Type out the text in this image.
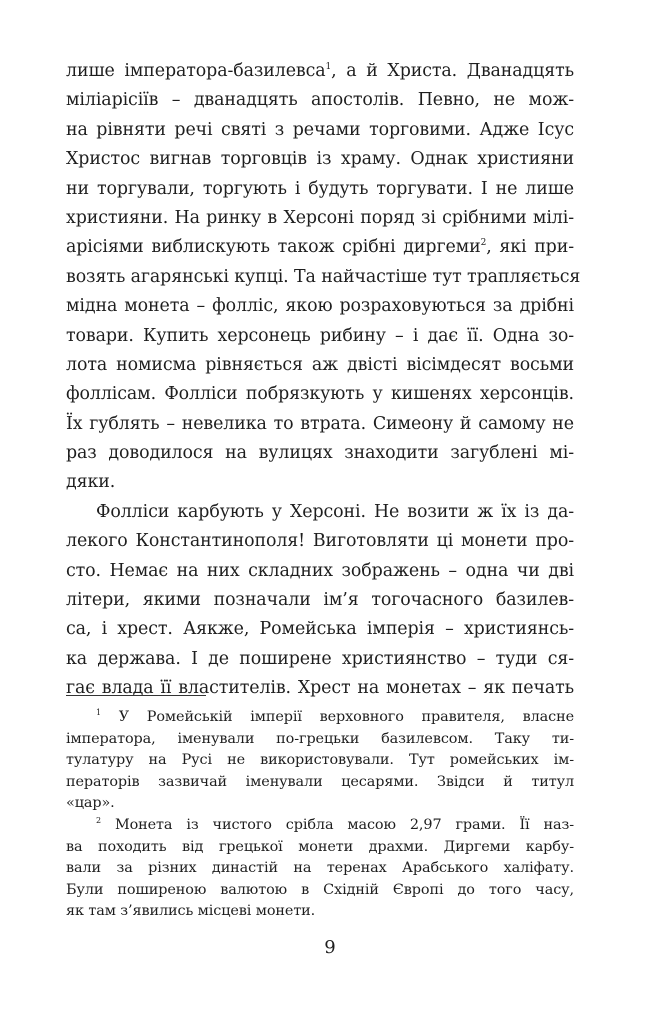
лише імператора-базилевса$^1$, а й Христа. Дванадцять
міліарісіїв – дванадцять апостолів. Певно, не мож-
на рівняти речі святі з речами торговими. Адже Ісус
Христос вигнав торговців із храму. Однак християни
ни торгували, торгують і будуть торгувати. І не лише
християни. На ринку в Херсоні поряд зі срібними мілі-
арісіями виблискують також срібні диргеми$^2$, які при-
возять агарянські купці. Та найчастіше тут трапляється
мідна монета – фолліс, якою розраховуються за дрібні
товари. Купить херсонець рибину – і дає її. Одна зо-
лота номисма рівняється аж двісті вісімдесят восьми
фоллісам. Фолліси побрязкують у кишенях херсонців.
Їх гублять – невелика то втрата. Симеону й самому не
раз доводилося на вулицях знаходити загублені мі-
дяки.
Фолліси карбують у Херсоні. Не возити ж їх із да-
лекого Константинополя! Виготовляти ці монети про-
сто. Немає на них складних зображень – одна чи дві
літери, якими позначали ім’я тогочасного базилев-
са, і хрест. Аякже, Ромейська імперія – християнсь-
ка держава. І де поширене християнство – туди ся-
гає влада її властителів. Хрест на монетах – як печать
$^1$ У Ромейській імперії верховного правителя, власне
імператора, іменували по-грецьки базилевсом. Таку ти-
тулатуру на Русі не використовували. Тут ромейських ім-
ператорів зазвичай іменували цесарями. Звідси й титул
«цар».
$^2$ Монета із чистого срібла масою 2,97 грами. Її наз-
ва походить від грецької монети драхми. Диргеми карбу-
вали за різних династій на теренах Арабського халіфату.
Були поширеною валютою в Східній Європі до того часу,
як там з’явились місцеві монети.
9
